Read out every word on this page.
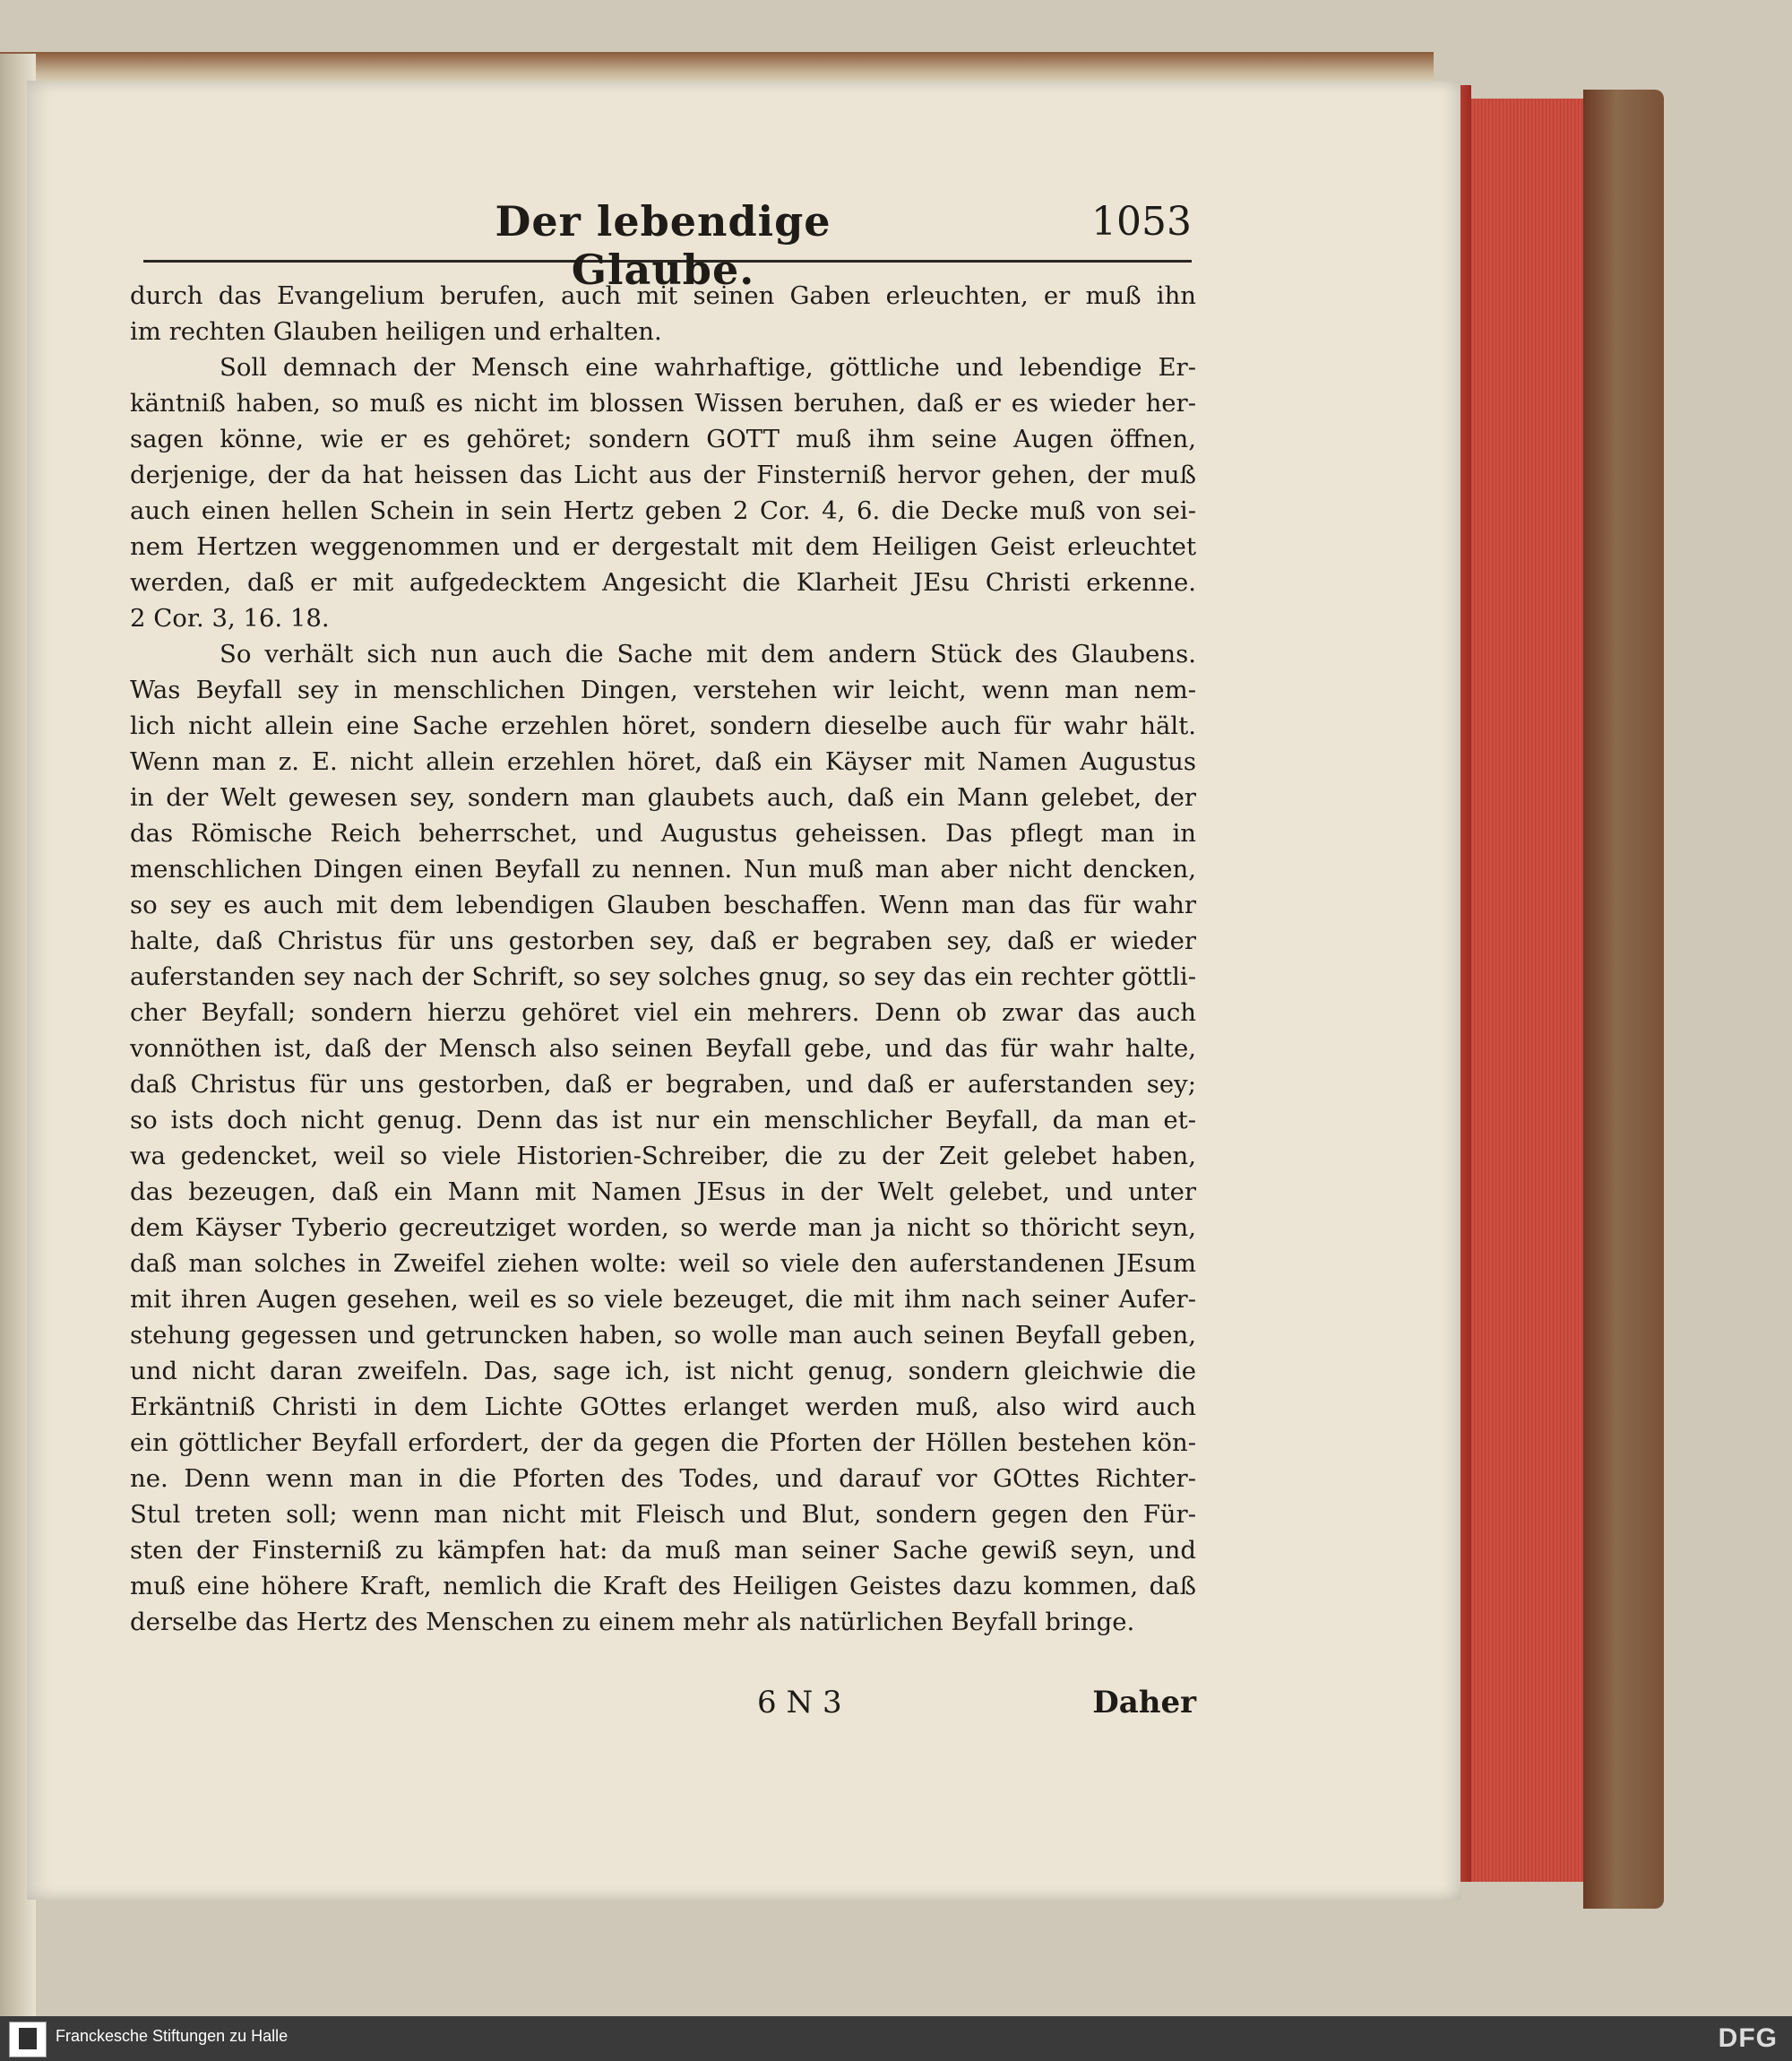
Der lebendige Glaube.
1053
durch das Evangelium berufen, auch mit seinen Gaben erleuchten, er muß ihn
im rechten Glauben heiligen und erhalten.
Soll demnach der Mensch eine wahrhaftige, göttliche und lebendige Er-
käntniß haben, so muß es nicht im blossen Wissen beruhen, daß er es wieder her-
sagen könne, wie er es gehöret; sondern GOTT muß ihm seine Augen öffnen,
derjenige, der da hat heissen das Licht aus der Finsterniß hervor gehen, der muß
auch einen hellen Schein in sein Hertz geben 2 Cor. 4, 6. die Decke muß von sei-
nem Hertzen weggenommen und er dergestalt mit dem Heiligen Geist erleuchtet
werden, daß er mit aufgedecktem Angesicht die Klarheit JEsu Christi erkenne.
2 Cor. 3, 16. 18.
So verhält sich nun auch die Sache mit dem andern Stück des Glaubens.
Was Beyfall sey in menschlichen Dingen, verstehen wir leicht, wenn man nem-
lich nicht allein eine Sache erzehlen höret, sondern dieselbe auch für wahr hält.
Wenn man z. E. nicht allein erzehlen höret, daß ein Käyser mit Namen Augustus
in der Welt gewesen sey, sondern man glaubets auch, daß ein Mann gelebet, der
das Römische Reich beherrschet, und Augustus geheissen. Das pflegt man in
menschlichen Dingen einen Beyfall zu nennen. Nun muß man aber nicht dencken,
so sey es auch mit dem lebendigen Glauben beschaffen. Wenn man das für wahr
halte, daß Christus für uns gestorben sey, daß er begraben sey, daß er wieder
auferstanden sey nach der Schrift, so sey solches gnug, so sey das ein rechter göttli-
cher Beyfall; sondern hierzu gehöret viel ein mehrers. Denn ob zwar das auch
vonnöthen ist, daß der Mensch also seinen Beyfall gebe, und das für wahr halte,
daß Christus für uns gestorben, daß er begraben, und daß er auferstanden sey;
so ists doch nicht genug. Denn das ist nur ein menschlicher Beyfall, da man et-
wa gedencket, weil so viele Historien-Schreiber, die zu der Zeit gelebet haben,
das bezeugen, daß ein Mann mit Namen JEsus in der Welt gelebet, und unter
dem Käyser Tyberio gecreutziget worden, so werde man ja nicht so thöricht seyn,
daß man solches in Zweifel ziehen wolte: weil so viele den auferstandenen JEsum
mit ihren Augen gesehen, weil es so viele bezeuget, die mit ihm nach seiner Aufer-
stehung gegessen und getruncken haben, so wolle man auch seinen Beyfall geben,
und nicht daran zweifeln. Das, sage ich, ist nicht genug, sondern gleichwie die
Erkäntniß Christi in dem Lichte GOttes erlanget werden muß, also wird auch
ein göttlicher Beyfall erfordert, der da gegen die Pforten der Höllen bestehen kön-
ne. Denn wenn man in die Pforten des Todes, und darauf vor GOttes Richter-
Stul treten soll; wenn man nicht mit Fleisch und Blut, sondern gegen den Für-
sten der Finsterniß zu kämpfen hat: da muß man seiner Sache gewiß seyn, und
muß eine höhere Kraft, nemlich die Kraft des Heiligen Geistes dazu kommen, daß
derselbe das Hertz des Menschen zu einem mehr als natürlichen Beyfall bringe.
6 N 3	Daher
Franckesche Stiftungen zu Halle	DFG
